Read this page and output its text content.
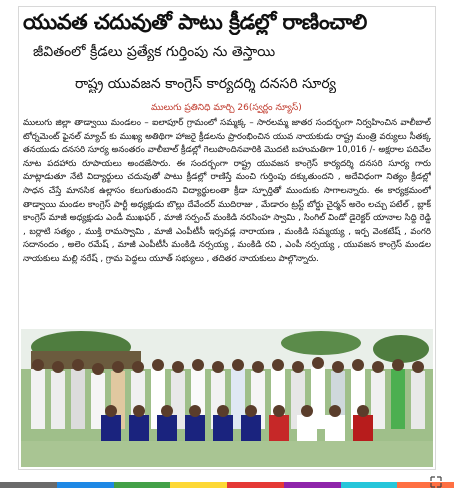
యువత చదువుతో పాటు క్రీడల్లో రాణించాలి
జీవితంలో క్రీడలు ప్రత్యేక గుర్తింపు ను తెస్తాయి
రాష్ట్ర యువజన కాంగ్రెస్ కార్యదర్శి దనసరి సూర్య
ములుగు ప్రతినిధి మార్చి 26(స్వర్ణం న్యూస్)

ములుగు జిల్లా తాడ్వాయి మండలం – ఐలాపూర్ గ్రామంలో సమ్మక్క – సారలమ్మ జాతర సందర్భంగా నిర్వహించిన వాలీబాల్ టోర్నమెంట్ ఫైనల్ మ్యాచ్ కు ముఖ్య అతిథిగా హాజరై క్రీడలను ప్రారంభించిన యువ నాయకుడు రాష్ట్ర మంత్రి వర్యులు సీతక్క తనయుడు దనసరి సూర్య అనంతరం వాలీబాల్ క్రీడల్లో గెలుపొందినవారికి మొదటి బహుమతిగా 10,016 /- అక్షరాల పదివేల నూట పదహారు రూపాయలు అందజేసారు. ఈ సందర్బంగా రాష్ట్ర యువజన కాంగ్రెస్ కార్యదర్శి దనసరి సూర్య గారు మాట్లాడుతూ నేటి విద్యార్థులు చదువుతో పాటు క్రీడల్లో రాణిస్తే మంచి గుర్తింపు దక్కుతుందని , అదేవిధంగా నిత్యం క్రీడల్లో సాధన చేస్తే మానసిక ఉల్లాసం కలుగుతుందని విద్యార్థులంతా క్రీడా స్ఫూర్తితో ముందుకు సాగాలన్నారు. ఈ కార్యక్రమంలో తాడ్వాయి మండల కాంగ్రెస్ పార్టీ అధ్యక్షుడు బొల్లు దేవేందర్ ముదిరాజు , మేడారం ట్రస్ట్ బోర్డు చైర్మన్ అరెం లచ్చు పటేల్ , బ్లాక్ కాంగ్రెస్ మాజీ అధ్యక్షుడు ఎండీ ముఖఫర్ , మాజీ సర్పంచ్ మంకిడి నరసింహ స్వామి , సింగిల్ విండో డైరెక్టర్ యానాల సిద్ది రెడ్డి , బర్లాటి సత్యం , ముక్తి రామస్వామి , మాజీ ఎంపీటీసీ ఇర్సవడ్ల నారాయణ , మంకిడి సమ్మయ్య , ఇర్ప వెంకటేష్ , వంగరి సదానందం , అలెం రమేష్ , మాజీ ఎంపీటీసీ మంకిడి నర్సయ్య , మంకిడి రవి , ఎంపీ నర్సయ్య , యువజన కాంగ్రెస్ మండల నాయకులు మల్లి నరేష్ , గ్రామ పెద్దలు యూత్ సభ్యులు , తదితర నాయకులు పాల్గొన్నారు.
